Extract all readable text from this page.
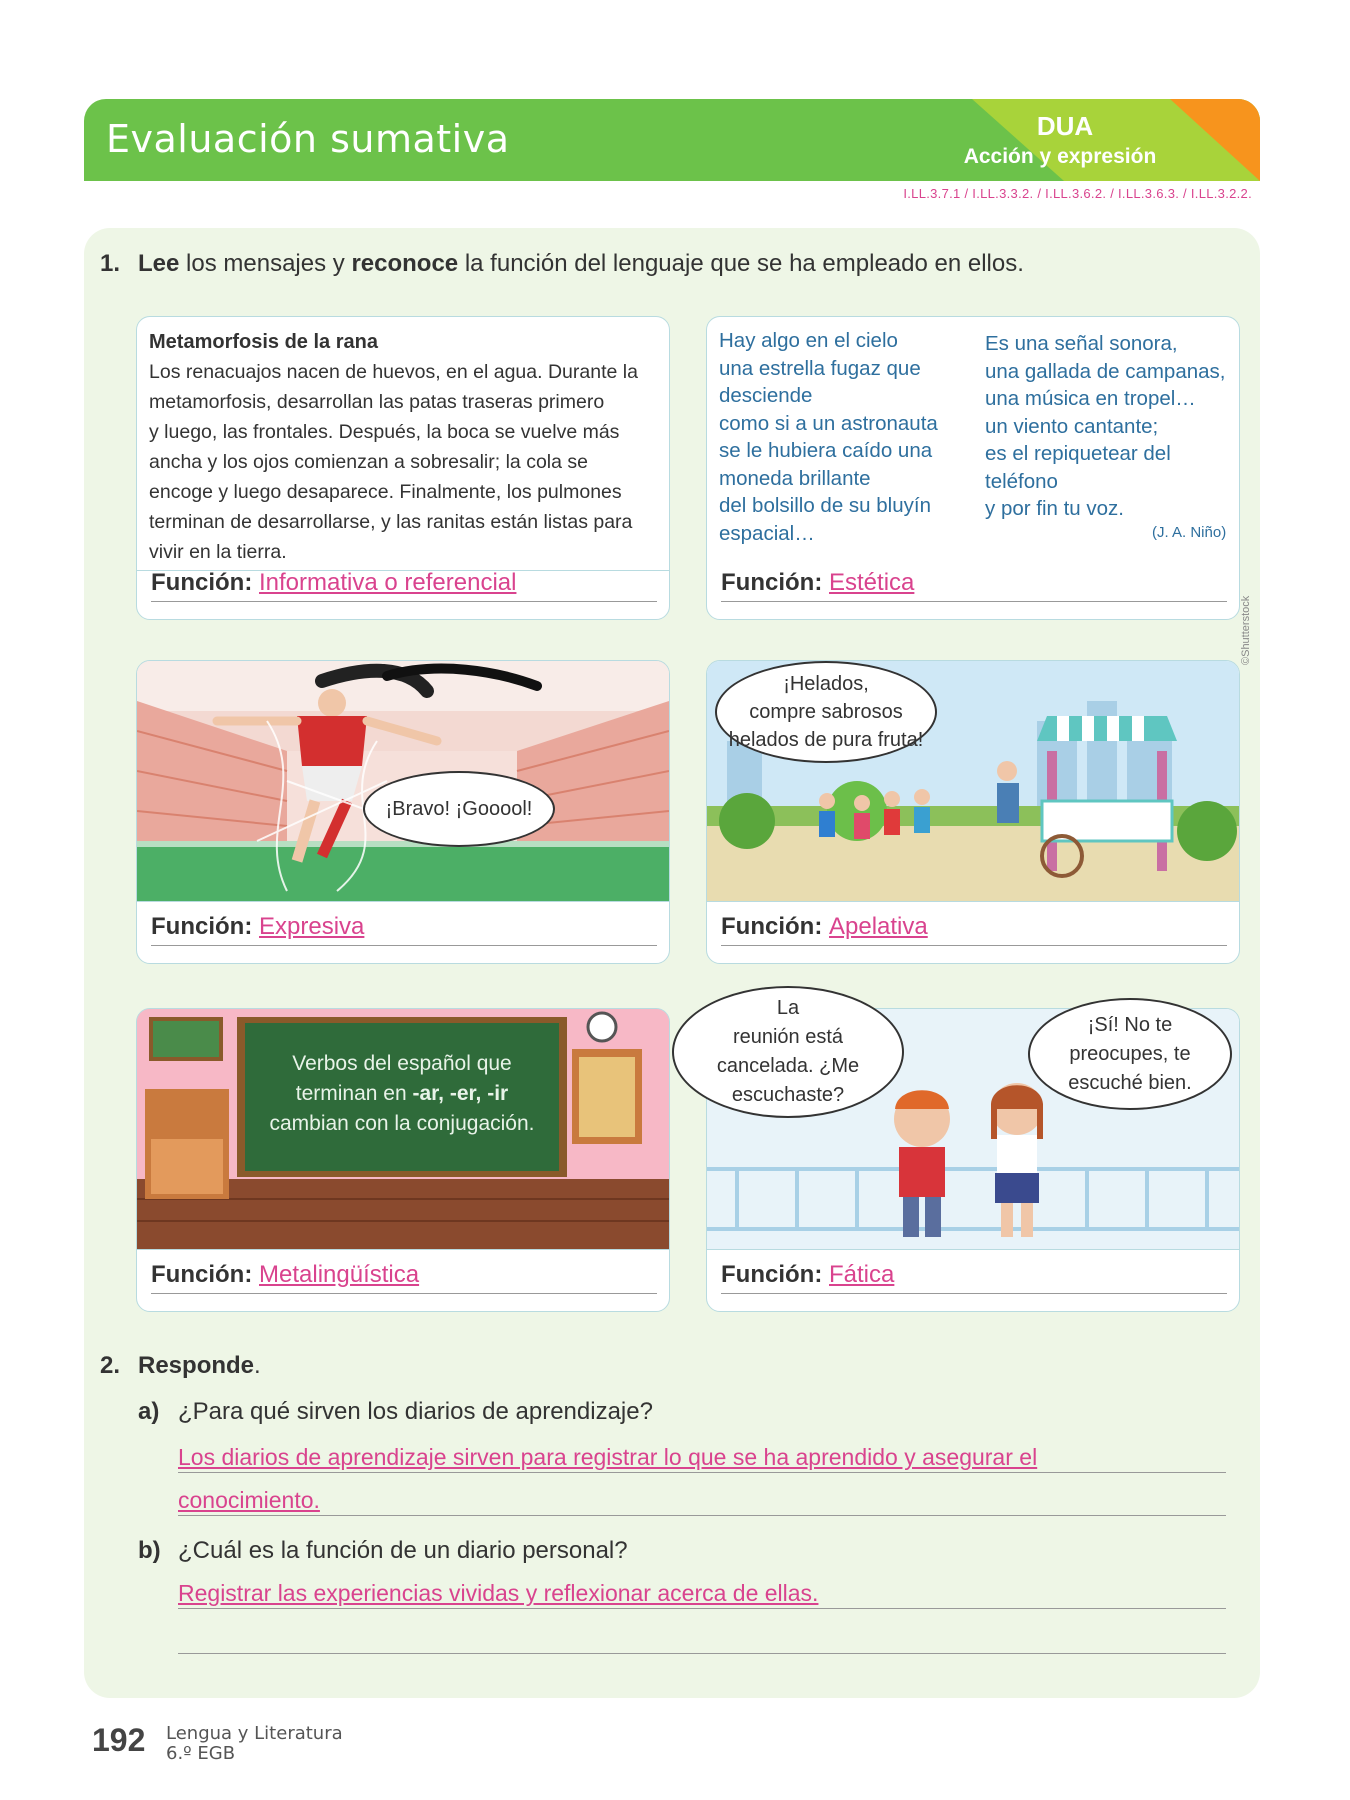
Evaluación sumativa	DUA
Acción y expresión
I.LL.3.7.1 / I.LL.3.3.2. / I.LL.3.6.2. / I.LL.3.6.3. / I.LL.3.2.2.
1. Lee los mensajes y reconoce la función del lenguaje que se ha empleado en ellos.
Metamorfosis de la rana
Los renacuajos nacen de huevos, en el agua. Durante la
metamorfosis, desarrollan las patas traseras primero
y luego, las frontales. Después, la boca se vuelve más
ancha y los ojos comienzan a sobresalir; la cola se
encoge y luego desaparece. Finalmente, los pulmones
terminan de desarrollarse, y las ranitas están listas para
vivir en la tierra.
Función: Informativa o referencial
Hay algo en el cielo
una estrella fugaz que
desciende
como si a un astronauta
se le hubiera caído una
moneda brillante
del bolsillo de su bluyín
espacial…
Es una señal sonora,
una gallada de campanas,
una música en tropel…
un viento cantante;
es el repiquetear del
teléfono
y por fin tu voz.
(J. A. Niño)
Función: Estética
¡Bravo! ¡Gooool!
Función: Expresiva
¡Helados,
compre sabrosos
helados de pura fruta!
Función: Apelativa
©Shutterstock
Verbos del español que
terminan en -ar, -er, -ir
cambian con la conjugación.
Función: Metalingüística	Función: Fática
La
reunión está
cancelada. ¿Me
escuchaste?
¡Sí! No te
preocupes, te
escuché bien.
2. Responde.
a) ¿Para qué sirven los diarios de aprendizaje?
Los diarios de aprendizaje sirven para registrar lo que se ha aprendido y asegurar el
conocimiento.
b) ¿Cuál es la función de un diario personal?
Registrar las experiencias vividas y reflexionar acerca de ellas.
192 Lengua y Literatura
6.º EGB
